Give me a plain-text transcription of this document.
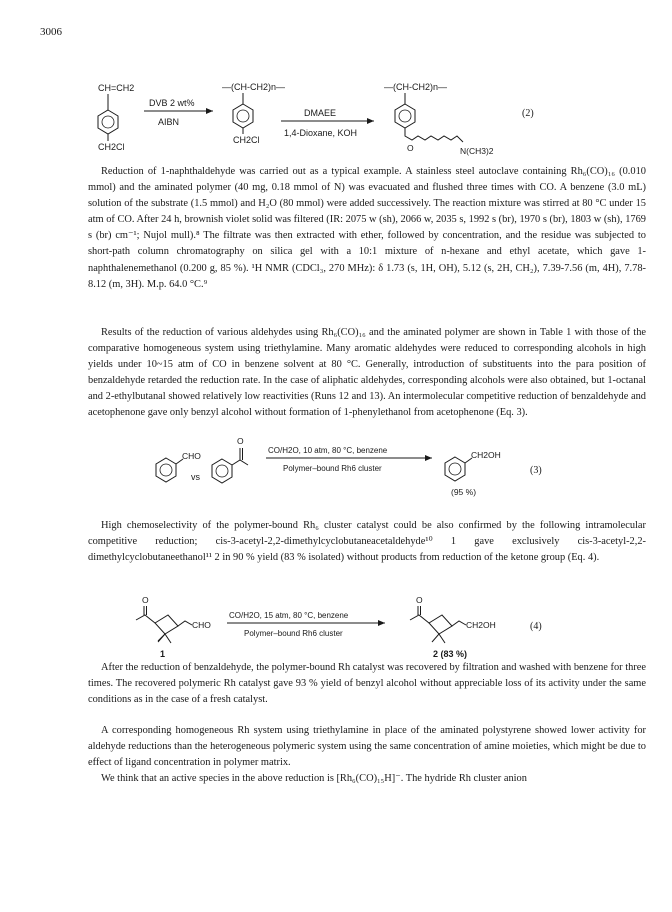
3006
CH=CH2
CH2Cl
DVB 2 wt%
AIBN
—(CH-CH2)n—
CH2Cl
DMAEE
1,4-Dioxane, KOH
—(CH-CH2)n—
O	N(CH3)2
(2)

Reduction of 1-naphthaldehyde was carried out as a typical example. A stainless steel autoclave containing Rh₆(CO)₁₆ (0.010 mmol) and the aminated polymer (40 mg, 0.18 mmol of N) was evacuated and flushed three times with CO. A benzene (3.0 mL) solution of the substrate (1.5 mmol) and H₂O (80 mmol) were added successively. The reaction mixture was stirred at 80 °C under 15 atm of CO. After 24 h, brownish violet solid was filtered (IR: 2075 w (sh), 2066 w, 2035 s, 1992 s (br), 1970 s (br), 1803 w (sh), 1769 s (br) cm⁻¹; Nujol mull).⁸ The filtrate was then extracted with ether, followed by concentration, and the residue was subjected to short-path column chromatography on silica gel with a 10:1 mixture of n-hexane and ethyl acetate, which gave 1-naphthalenemethanol (0.200 g, 85 %). ¹H NMR (CDCl₃, 270 MHz): δ 1.73 (s, 1H, OH), 5.12 (s, 2H, CH₂), 7.39-7.56 (m, 4H), 7.78-8.12 (m, 3H). M.p. 64.0 °C.⁹

Results of the reduction of various aldehydes using Rh₆(CO)₁₆ and the aminated polymer are shown in Table 1 with those of the comparative homogeneous system using triethylamine. Many aromatic aldehydes were reduced to corresponding alcohols in high yields under 10~15 atm of CO in benzene solvent at 80 °C. Generally, introduction of substituents into the para position of benzaldehyde retarded the reduction rate. In the case of aliphatic aldehydes, corresponding alcohols were also obtained, but 1-octanal and 2-ethylbutanal showed relatively low reactivities (Runs 12 and 13). An intermolecular competitive reduction of benzaldehyde and acetophenone gave only benzyl alcohol without formation of 1-phenylethanol from acetophenone (Eq. 3).

CHO
vs
O
CO/H2O, 10 atm, 80 °C, benzene
Polymer–bound Rh6 cluster
CH2OH
(95 %)
(3)

High chemoselectivity of the polymer-bound Rh₆ cluster catalyst could be also confirmed by the following intramolecular competitive reduction; cis-3-acetyl-2,2-dimethylcyclobutaneacetaldehyde¹⁰ 1 gave exclusively cis-3-acetyl-2,2-dimethylcyclobutaneethanol¹¹ 2 in 90 % yield (83 % isolated) without products from reduction of the ketone group (Eq. 4).

O
CHO
1
CO/H2O, 15 atm, 80 °C, benzene
Polymer–bound Rh6 cluster
O
CH2OH
2 (83 %)
(4)

After the reduction of benzaldehyde, the polymer-bound Rh catalyst was recovered by filtration and washed with benzene for three times. The recovered polymeric Rh catalyst gave 93 % yield of benzyl alcohol without appreciable loss of its activity under the same conditions as in the case of a fresh catalyst.

A corresponding homogeneous Rh system using triethylamine in place of the aminated polystyrene showed lower activity for aldehyde reductions than the heterogeneous polymeric system using the same concentration of amine moieties, which might be due to effect of ligand concentration in polymer matrix.

We think that an active species in the above reduction is [Rh₆(CO)₁₅H]⁻. The hydride Rh cluster anion
